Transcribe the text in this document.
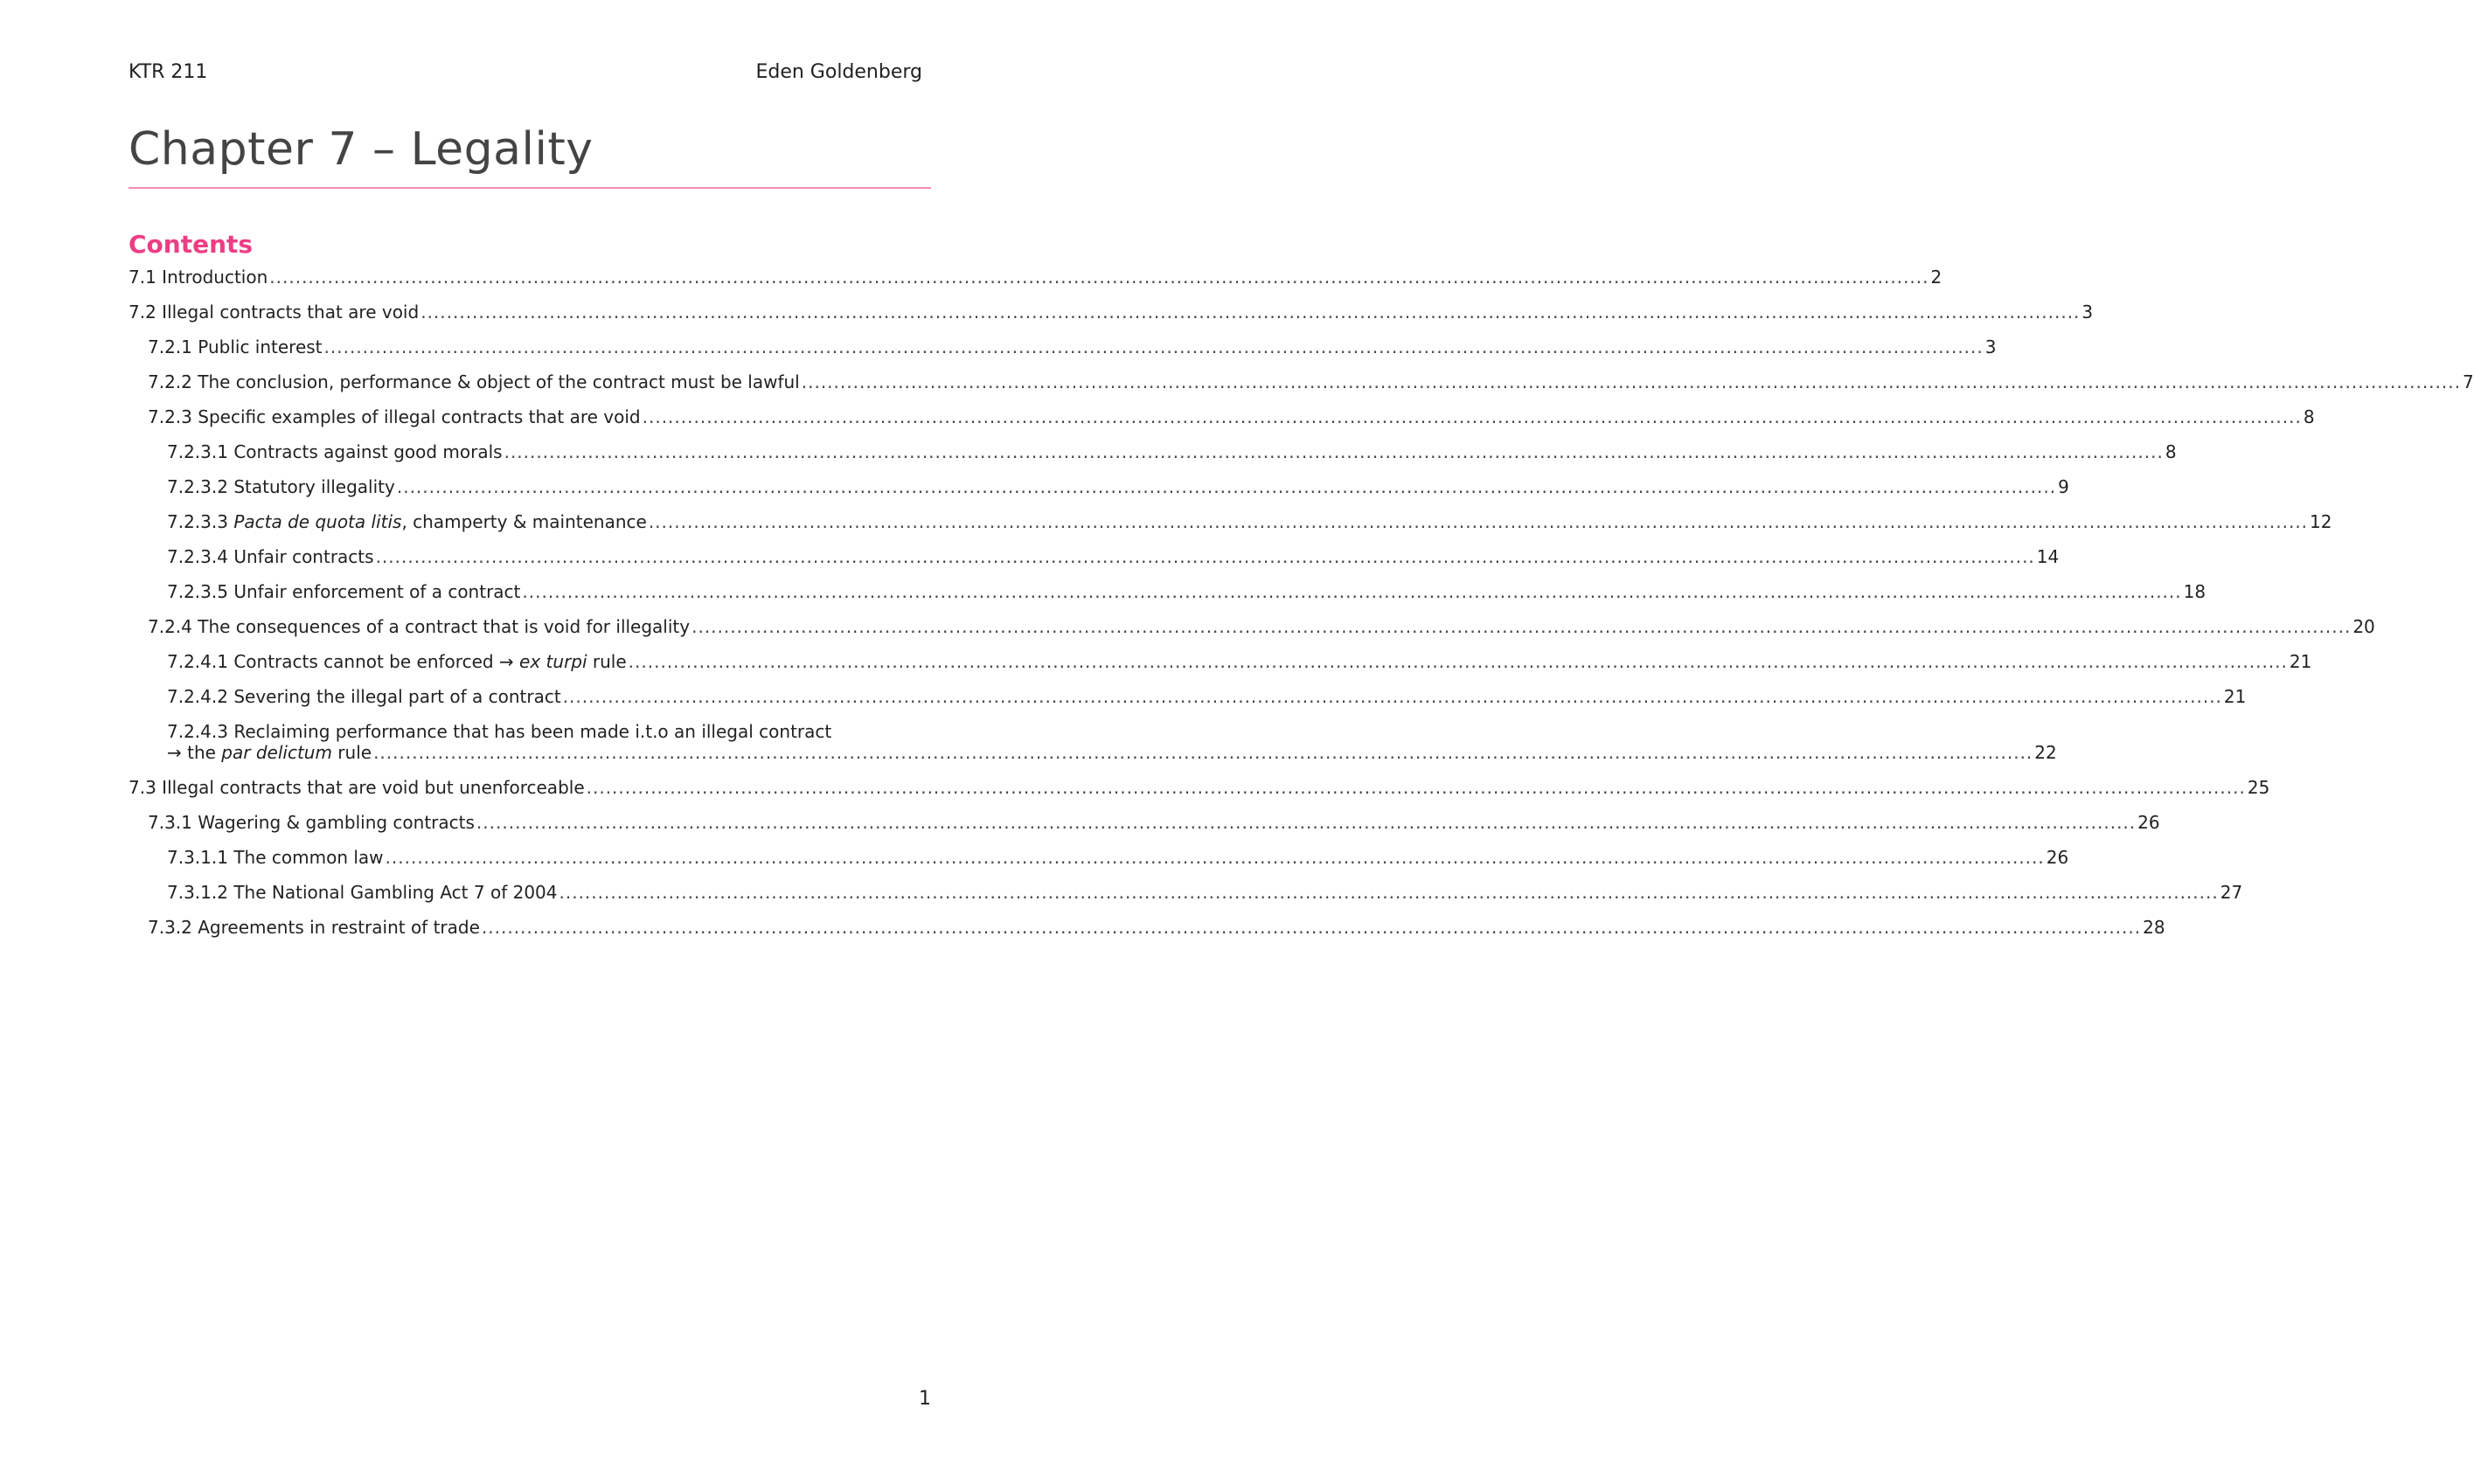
KTR 211	Eden Goldenberg
Chapter 7 – Legality
Contents
7.1 Introduction .....	2
7.2 Illegal contracts that are void .....	3
7.2.1 Public interest .....	3
7.2.2 The conclusion, performance & object of the contract must be lawful .....	7
7.2.3 Specific examples of illegal contracts that are void .....	8
7.2.3.1 Contracts against good morals .....	8
7.2.3.2 Statutory illegality .....	9
7.2.3.3 Pacta de quota litis, champerty & maintenance .....	12
7.2.3.4 Unfair contracts .....	14
7.2.3.5 Unfair enforcement of a contract .....	18
7.2.4 The consequences of a contract that is void for illegality .....	20
7.2.4.1 Contracts cannot be enforced → ex turpi rule .....	21
7.2.4.2 Severing the illegal part of a contract .....	21
7.2.4.3 Reclaiming performance that has been made i.t.o an illegal contract
→ the par delictum rule .....	22
7.3 Illegal contracts that are void but unenforceable .....	25
7.3.1 Wagering & gambling contracts .....	26
7.3.1.1 The common law .....	26
7.3.1.2 The National Gambling Act 7 of 2004 .....	27
7.3.2 Agreements in restraint of trade .....	28
1
